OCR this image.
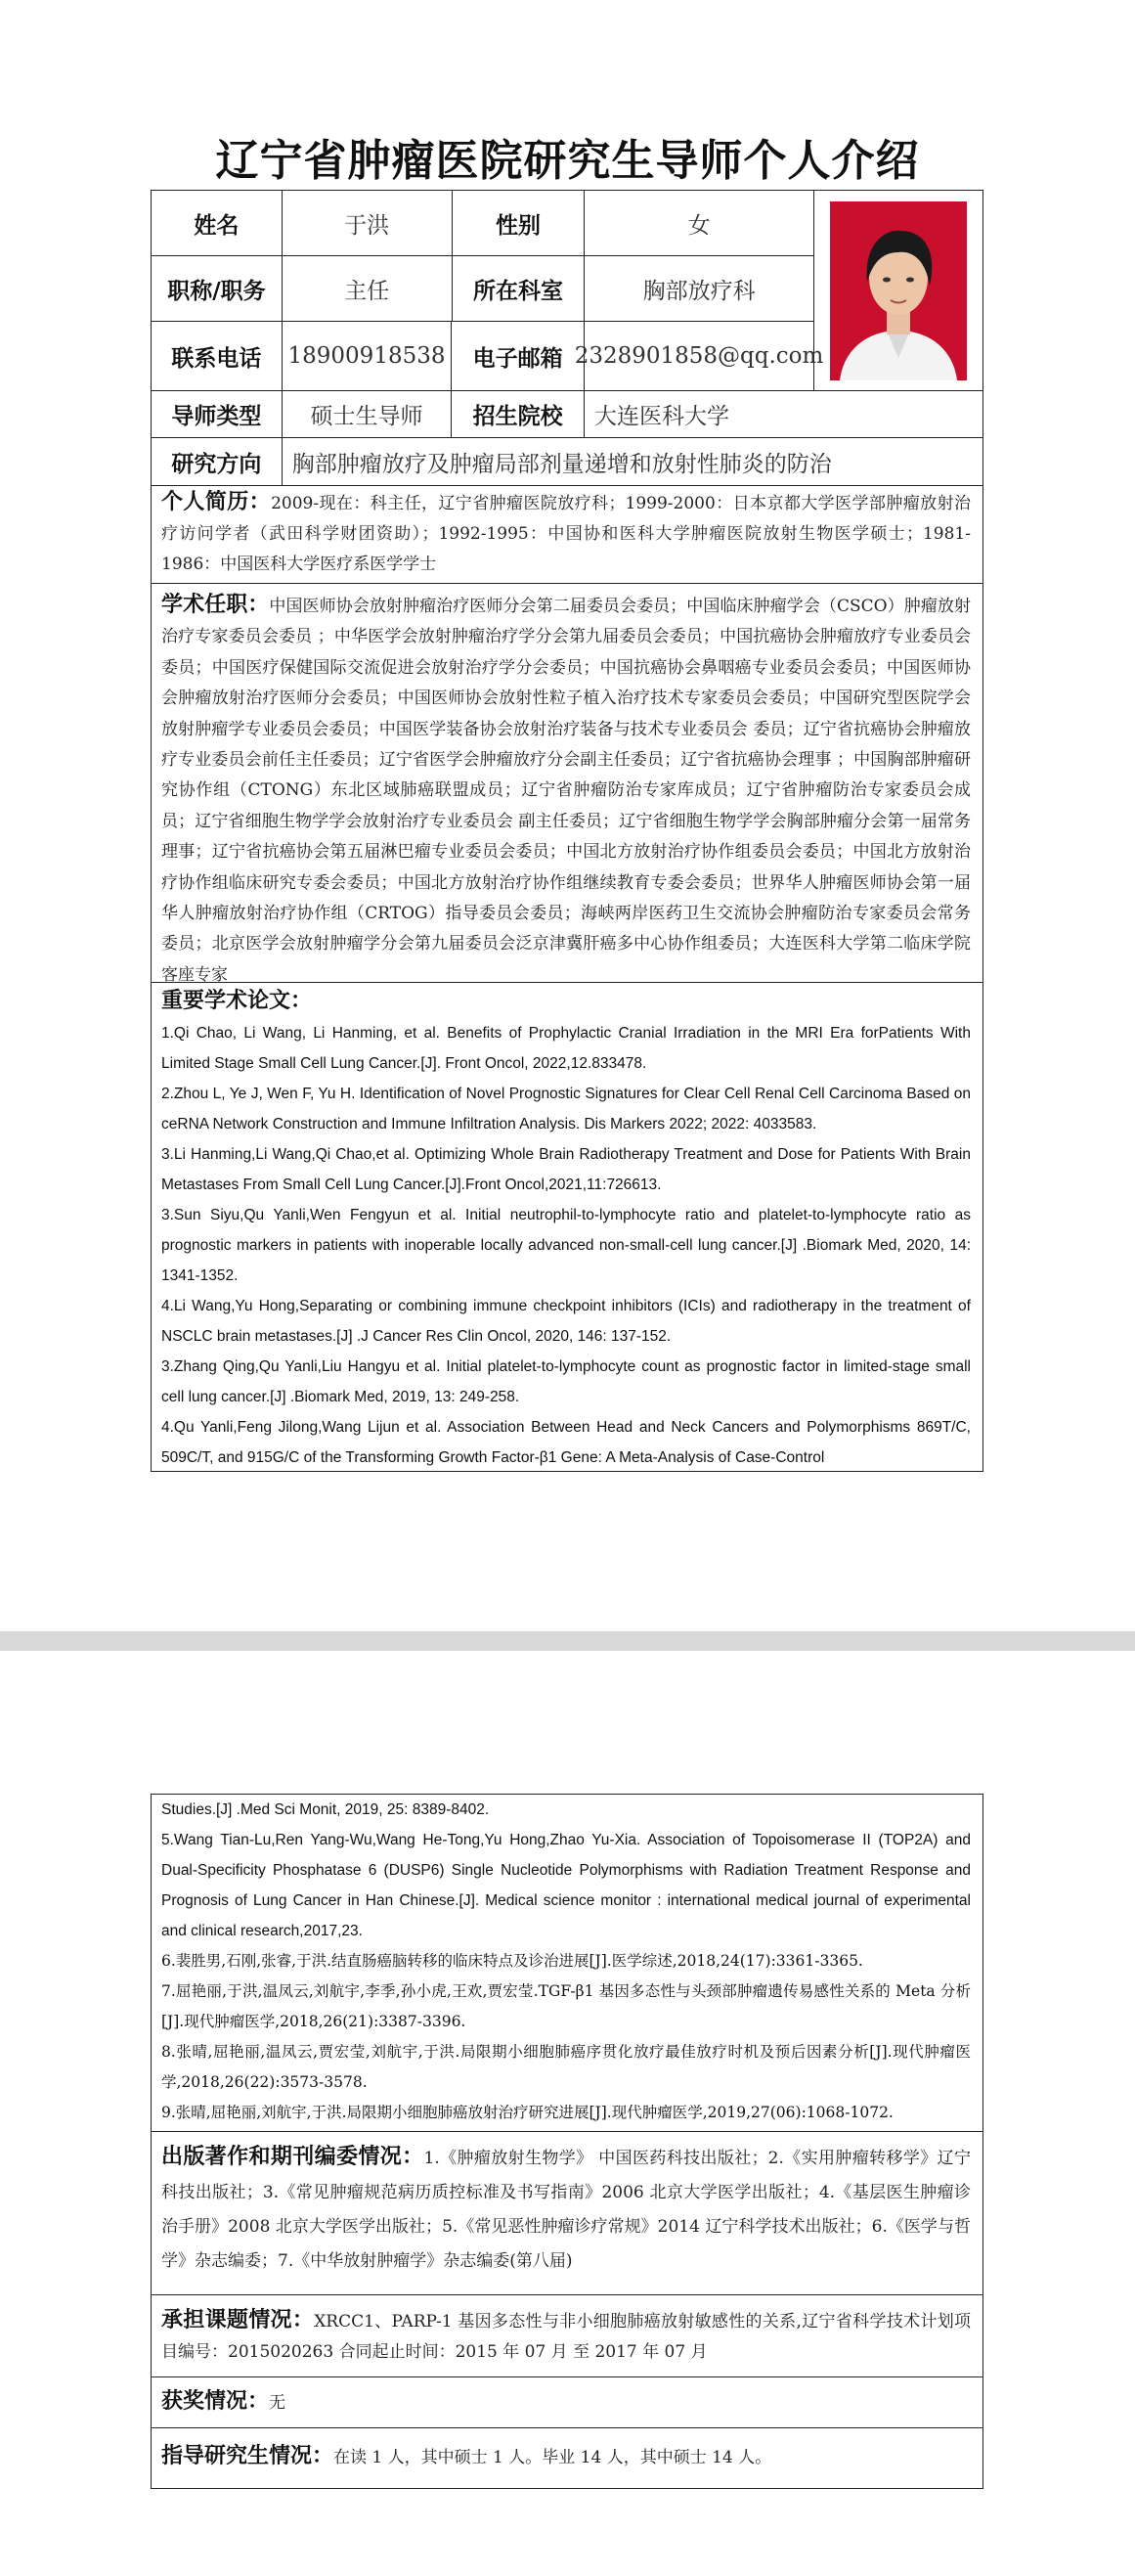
辽宁省肿瘤医院研究生导师个人介绍
姓名	于洪	性别	女
职称/职务	主任	所在科室	胸部放疗科
联系电话	18900918538	电子邮箱 2328901858@qq.com
导师类型	硕士生导师	招生院校	大连医科大学
研究方向	胸部肿瘤放疗及肿瘤局部剂量递增和放射性肺炎的防治
个人简历：2009-现在：科主任，辽宁省肿瘤医院放疗科；1999-2000：日本京都大学医学部肿瘤放射治疗访问学者（武田科学财团资助）；1992-1995：中国协和医科大学肿瘤医院放射生物医学硕士；1981-1986：中国医科大学医疗系医学学士
学术任职：中国医师协会放射肿瘤治疗医师分会第二届委员会委员；中国临床肿瘤学会（CSCO）肿瘤放射治疗专家委员会委员 ；中华医学会放射肿瘤治疗学分会第九届委员会委员；中国抗癌协会肿瘤放疗专业委员会委员；中国医疗保健国际交流促进会放射治疗学分会委员；中国抗癌协会鼻咽癌专业委员会委员；中国医师协会肿瘤放射治疗医师分会委员；中国医师协会放射性粒子植入治疗技术专家委员会委员；中国研究型医院学会放射肿瘤学专业委员会委员；中国医学装备协会放射治疗装备与技术专业委员会 委员；辽宁省抗癌协会肿瘤放疗专业委员会前任主任委员；辽宁省医学会肿瘤放疗分会副主任委员；辽宁省抗癌协会理事 ；中国胸部肿瘤研究协作组（CTONG）东北区域肺癌联盟成员；辽宁省肿瘤防治专家库成员；辽宁省肿瘤防治专家委员会成员；辽宁省细胞生物学学会放射治疗专业委员会 副主任委员；辽宁省细胞生物学学会胸部肿瘤分会第一届常务理事；辽宁省抗癌协会第五届淋巴瘤专业委员会委员；中国北方放射治疗协作组委员会委员；中国北方放射治疗协作组临床研究专委会委员；中国北方放射治疗协作组继续教育专委会委员；世界华人肿瘤医师协会第一届华人肿瘤放射治疗协作组（CRTOG）指导委员会委员；海峡两岸医药卫生交流协会肿瘤防治专家委员会常务委员；北京医学会放射肿瘤学分会第九届委员会泛京津冀肝癌多中心协作组委员；大连医科大学第二临床学院客座专家
重要学术论文：
1.Qi Chao, Li Wang, Li Hanming, et al. Benefits of Prophylactic Cranial Irradiation in the MRI Era forPatients With Limited Stage Small Cell Lung Cancer.[J]. Front Oncol, 2022,12.833478.
2.Zhou L, Ye J, Wen F, Yu H. Identification of Novel Prognostic Signatures for Clear Cell Renal Cell Carcinoma Based on ceRNA Network Construction and Immune Infiltration Analysis. Dis Markers 2022; 2022: 4033583.
3.Li Hanming,Li Wang,Qi Chao,et al. Optimizing Whole Brain Radiotherapy Treatment and Dose for Patients With Brain Metastases From Small Cell Lung Cancer.[J].Front Oncol,2021,11:726613.
3.Sun Siyu,Qu Yanli,Wen Fengyun et al. Initial neutrophil-to-lymphocyte ratio and platelet-to-lymphocyte ratio as prognostic markers in patients with inoperable locally advanced non-small-cell lung cancer.[J] .Biomark Med, 2020, 14: 1341-1352.
4.Li Wang,Yu Hong,Separating or combining immune checkpoint inhibitors (ICIs) and radiotherapy in the treatment of NSCLC brain metastases.[J] .J Cancer Res Clin Oncol, 2020, 146: 137-152.
3.Zhang Qing,Qu Yanli,Liu Hangyu et al. Initial platelet-to-lymphocyte count as prognostic factor in limited-stage small cell lung cancer.[J] .Biomark Med, 2019, 13: 249-258.
4.Qu Yanli,Feng Jilong,Wang Lijun et al. Association Between Head and Neck Cancers and Polymorphisms 869T/C, 509C/T, and 915G/C of the Transforming Growth Factor-β1 Gene: A Meta-Analysis of Case-Control
Studies.[J] .Med Sci Monit, 2019, 25: 8389-8402.
5.Wang Tian-Lu,Ren Yang-Wu,Wang He-Tong,Yu Hong,Zhao Yu-Xia. Association of Topoisomerase II (TOP2A) and Dual-Specificity Phosphatase 6 (DUSP6) Single Nucleotide Polymorphisms with Radiation Treatment Response and Prognosis of Lung Cancer in Han Chinese.[J]. Medical science monitor : international medical journal of experimental and clinical research,2017,23.
6.裴胜男,石刚,张睿,于洪.结直肠癌脑转移的临床特点及诊治进展[J].医学综述,2018,24(17):3361-3365.
7.屈艳丽,于洪,温凤云,刘航宇,李季,孙小虎,王欢,贾宏莹.TGF-β1 基因多态性与头颈部肿瘤遗传易感性关系的 Meta 分析[J].现代肿瘤医学,2018,26(21):3387-3396.
8.张晴,屈艳丽,温凤云,贾宏莹,刘航宇,于洪.局限期小细胞肺癌序贯化放疗最佳放疗时机及预后因素分析[J].现代肿瘤医学,2018,26(22):3573-3578.
9.张晴,屈艳丽,刘航宇,于洪.局限期小细胞肺癌放射治疗研究进展[J].现代肿瘤医学,2019,27(06):1068-1072.
出版著作和期刊编委情况：1.《肿瘤放射生物学》 中国医药科技出版社；2.《实用肿瘤转移学》辽宁科技出版社；3.《常见肿瘤规范病历质控标准及书写指南》2006 北京大学医学出版社；4.《基层医生肿瘤诊治手册》2008 北京大学医学出版社；5.《常见恶性肿瘤诊疗常规》2014 辽宁科学技术出版社；6.《医学与哲学》杂志编委；7.《中华放射肿瘤学》杂志编委(第八届)
承担课题情况：XRCC1、PARP-1 基因多态性与非小细胞肺癌放射敏感性的关系,辽宁省科学技术计划项目编号：2015020263 合同起止时间：2015 年 07 月 至 2017 年 07 月
获奖情况：无
指导研究生情况：在读 1 人，其中硕士 1 人。毕业 14 人，其中硕士 14 人。
